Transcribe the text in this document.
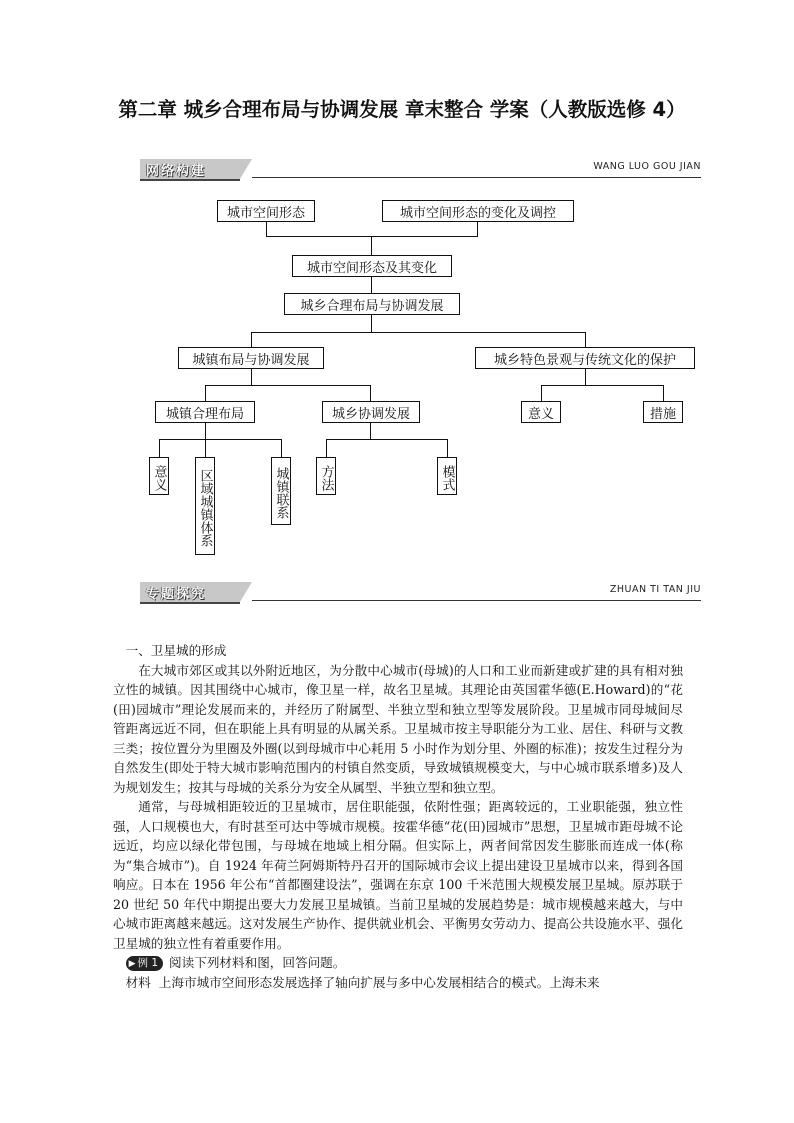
第二章 城乡合理布局与协调发展 章末整合 学案（人教版选修 4）
网络构建	WANG LUO GOU JIAN
城市空间形态	城市空间形态的变化及调控
城市空间形态及其变化
城乡合理布局与协调发展
城镇布局与协调发展	城乡特色景观与传统文化的保护
城镇合理布局	城乡协调发展	意义	措施
意义 区域城镇体系	城镇联系 方法	模式
专题探究	ZHUAN TI TAN JIU

一、卫星城的形成

在大城市郊区或其以外附近地区，为分散中心城市(母城)的人口和工业而新建或扩建的具有相对独立性的城镇。因其围绕中心城市，像卫星一样，故名卫星城。其理论由英国霍华德(E.Howard)的“花(田)园城市”理论发展而来的，并经历了附属型、半独立型和独立型等发展阶段。卫星城市同母城间尽管距离远近不同，但在职能上具有明显的从属关系。卫星城市按主导职能分为工业、居住、科研与文教三类；按位置分为里圈及外圈(以到母城市中心耗用 5 小时作为划分里、外圈的标准)；按发生过程分为自然发生(即处于特大城市影响范围内的村镇自然变质，导致城镇规模变大，与中心城市联系增多)及人为规划发生；按其与母城的关系分为安全从属型、半独立型和独立型。

通常，与母城相距较近的卫星城市，居住职能强，依附性强；距离较远的，工业职能强，独立性强，人口规模也大，有时甚至可达中等城市规模。按霍华德“花(田)园城市”思想，卫星城市距母城不论远近，均应以绿化带包围，与母城在地域上相分隔。但实际上，两者间常因发生膨胀而连成一体(称为“集合城市”)。自 1924 年荷兰阿姆斯特丹召开的国际城市会议上提出建设卫星城市以来，得到各国响应。日本在 1956 年公布“首都圈建设法”，强调在东京 100 千米范围大规模发展卫星城。原苏联于 20 世纪 50 年代中期提出要大力发展卫星城镇。当前卫星城的发展趋势是：城市规模越来越大，与中心城市距离越来越远。这对发展生产协作、提供就业机会、平衡男女劳动力、提高公共设施水平、强化卫星城的独立性有着重要作用。

▶ 例 1 阅读下列材料和图，回答问题。

材料 上海市城市空间形态发展选择了轴向扩展与多中心发展相结合的模式。上海未来
